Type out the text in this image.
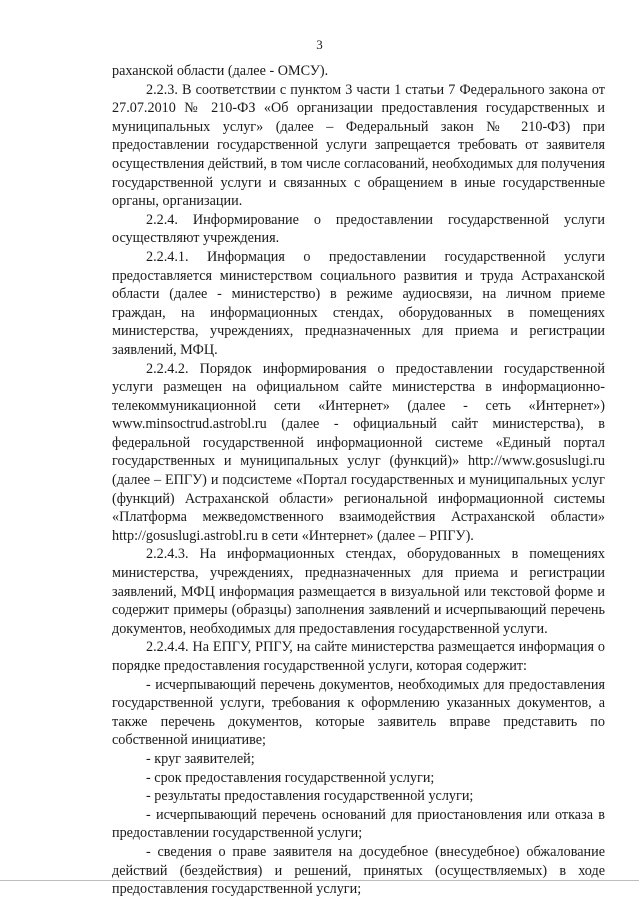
3

раханской области (далее - ОМСУ).

2.2.3. В соответствии с пунктом 3 части 1 статьи 7 Федерального закона от 27.07.2010 № 210-ФЗ «Об организации предоставления государственных и муниципальных услуг» (далее – Федеральный закон № 210-ФЗ) при предоставлении государственной услуги запрещается требовать от заявителя осуществления действий, в том числе согласований, необходимых для получения государственной услуги и связанных с обращением в иные государственные органы, организации.

2.2.4. Информирование о предоставлении государственной услуги осуществляют учреждения.

2.2.4.1. Информация о предоставлении государственной услуги предоставляется министерством социального развития и труда Астраханской области (далее - министерство) в режиме аудиосвязи, на личном приеме граждан, на информационных стендах, оборудованных в помещениях министерства, учреждениях, предназначенных для приема и регистрации заявлений, МФЦ.

2.2.4.2. Порядок информирования о предоставлении государственной услуги размещен на официальном сайте министерства в информационно-телекоммуникационной сети «Интернет» (далее - сеть «Интернет») www.minsoctrud.astrobl.ru (далее - официальный сайт министерства), в федеральной государственной информационной системе «Единый портал государственных и муниципальных услуг (функций)» http://www.gosuslugi.ru (далее – ЕПГУ) и подсистеме «Портал государственных и муниципальных услуг (функций) Астраханской области» региональной информационной системы «Платформа межведомственного взаимодействия Астраханской области» http://gosuslugi.astrobl.ru в сети «Интернет» (далее – РПГУ).

2.2.4.3. На информационных стендах, оборудованных в помещениях министерства, учреждениях, предназначенных для приема и регистрации заявлений, МФЦ информация размещается в визуальной или текстовой форме и содержит примеры (образцы) заполнения заявлений и исчерпывающий перечень документов, необходимых для предоставления государственной услуги.

2.2.4.4. На ЕПГУ, РПГУ, на сайте министерства размещается информация о порядке предоставления государственной услуги, которая содержит:

- исчерпывающий перечень документов, необходимых для предоставления государственной услуги, требования к оформлению указанных документов, а также перечень документов, которые заявитель вправе представить по собственной инициативе;

- круг заявителей;

- срок предоставления государственной услуги;

- результаты предоставления государственной услуги;

- исчерпывающий перечень оснований для приостановления или отказа в предоставлении государственной услуги;

- сведения о праве заявителя на досудебное (внесудебное) обжалование действий (бездействия) и решений, принятых (осуществляемых) в ходе предоставления государственной услуги;
